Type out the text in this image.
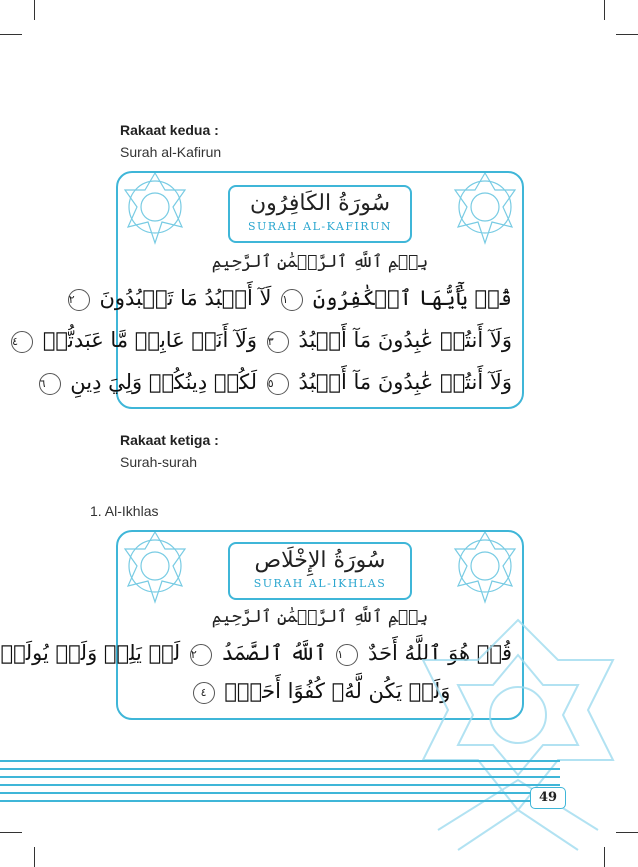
Rakaat kedua :
Surah al-Kafirun
سُورَةُ الكَافِرُون
SURAH AL-KAFIRUN
بِسۡمِ ٱللَّهِ ٱلرَّحۡمَٰنِ ٱلرَّحِيمِ
قُلۡ يَٰٓأَيُّهَا ٱلۡكَٰفِرُونَ ١ لَآ أَعۡبُدُ مَا تَعۡبُدُونَ ٢
وَلَآ أَنتُمۡ عَٰبِدُونَ مَآ أَعۡبُدُ ٣ وَلَآ أَنَا۠ عَابِدٞ مَّا عَبَدتُّمۡ ٤
وَلَآ أَنتُمۡ عَٰبِدُونَ مَآ أَعۡبُدُ ٥ لَكُمۡ دِينُكُمۡ وَلِيَ دِينِ ٦
Rakaat ketiga :
Surah-surah
1. Al-Ikhlas
سُورَةُ الإِخْلَاص
SURAH AL-IKHLAS
بِسۡمِ ٱللَّهِ ٱلرَّحۡمَٰنِ ٱلرَّحِيمِ
قُلۡ هُوَ ٱللَّهُ أَحَدٌ ١ ٱللَّهُ ٱلصَّمَدُ ٢ لَمۡ يَلِدۡ وَلَمۡ يُولَدۡ
وَلَمۡ يَكُن لَّهُۥ كُفُوًا أَحَدُۢ ٤
49
